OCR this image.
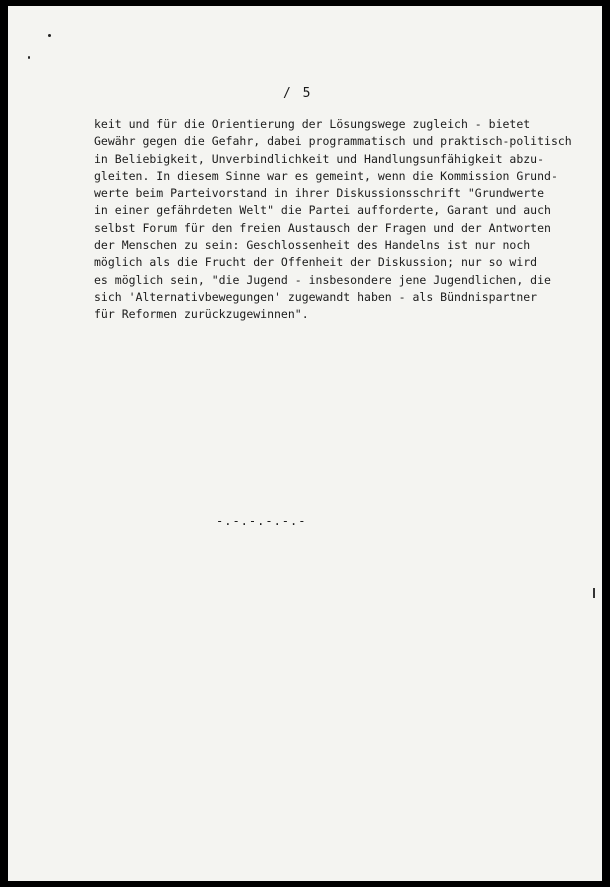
/ 5

keit und für die Orientierung der Lösungswege zugleich - bietet
Gewähr gegen die Gefahr, dabei programmatisch und praktisch-politisch
in Beliebigkeit, Unverbindlichkeit und Handlungsunfähigkeit abzu-
gleiten. In diesem Sinne war es gemeint, wenn die Kommission Grund-
werte beim Parteivorstand in ihrer Diskussionsschrift "Grundwerte
in einer gefährdeten Welt" die Partei aufforderte, Garant und auch
selbst Forum für den freien Austausch der Fragen und der Antworten
der Menschen zu sein: Geschlossenheit des Handelns ist nur noch
möglich als die Frucht der Offenheit der Diskussion; nur so wird
es möglich sein, "die Jugend - insbesondere jene Jugendlichen, die
sich 'Alternativbewegungen' zugewandt haben - als Bündnispartner
für Reformen zurückzugewinnen".

-.-.-.-.-.-
